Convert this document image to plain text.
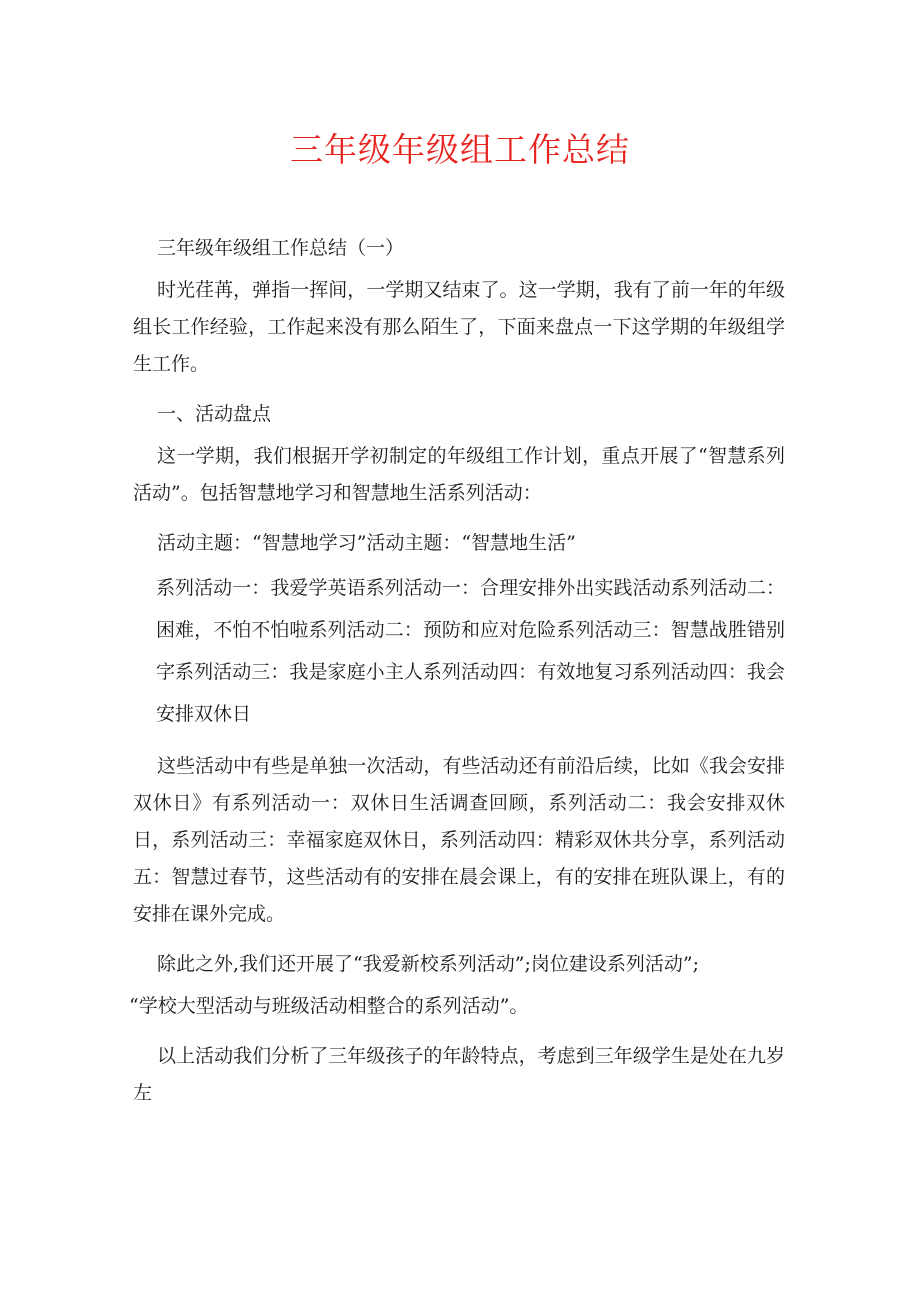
三年级年级组工作总结

三年级年级组工作总结（一）

时光荏苒，弹指一挥间，一学期又结束了。这一学期，我有了前一年的年级组长工作经验，工作起来没有那么陌生了，下面来盘点一下这学期的年级组学生工作。

一、活动盘点

这一学期，我们根据开学初制定的年级组工作计划，重点开展了“智慧系列活动”。包括智慧地学习和智慧地生活系列活动：

活动主题：“智慧地学习”活动主题：“智慧地生活”

系列活动一：我爱学英语系列活动一：合理安排外出实践活动系列活动二：困难，不怕不怕啦系列活动二：预防和应对危险系列活动三：智慧战胜错别字系列活动三：我是家庭小主人系列活动四：有效地复习系列活动四：我会安排双休日

这些活动中有些是单独一次活动，有些活动还有前沿后续，比如《我会安排双休日》有系列活动一：双休日生活调查回顾，系列活动二：我会安排双休日，系列活动三：幸福家庭双休日，系列活动四：精彩双休共分享，系列活动五：智慧过春节，这些活动有的安排在晨会课上，有的安排在班队课上，有的安排在课外完成。

除此之外,我们还开展了“我爱新校系列活动”;岗位建设系列活动”;

“学校大型活动与班级活动相整合的系列活动”。

以上活动我们分析了三年级孩子的年龄特点，考虑到三年级学生是处在九岁左
